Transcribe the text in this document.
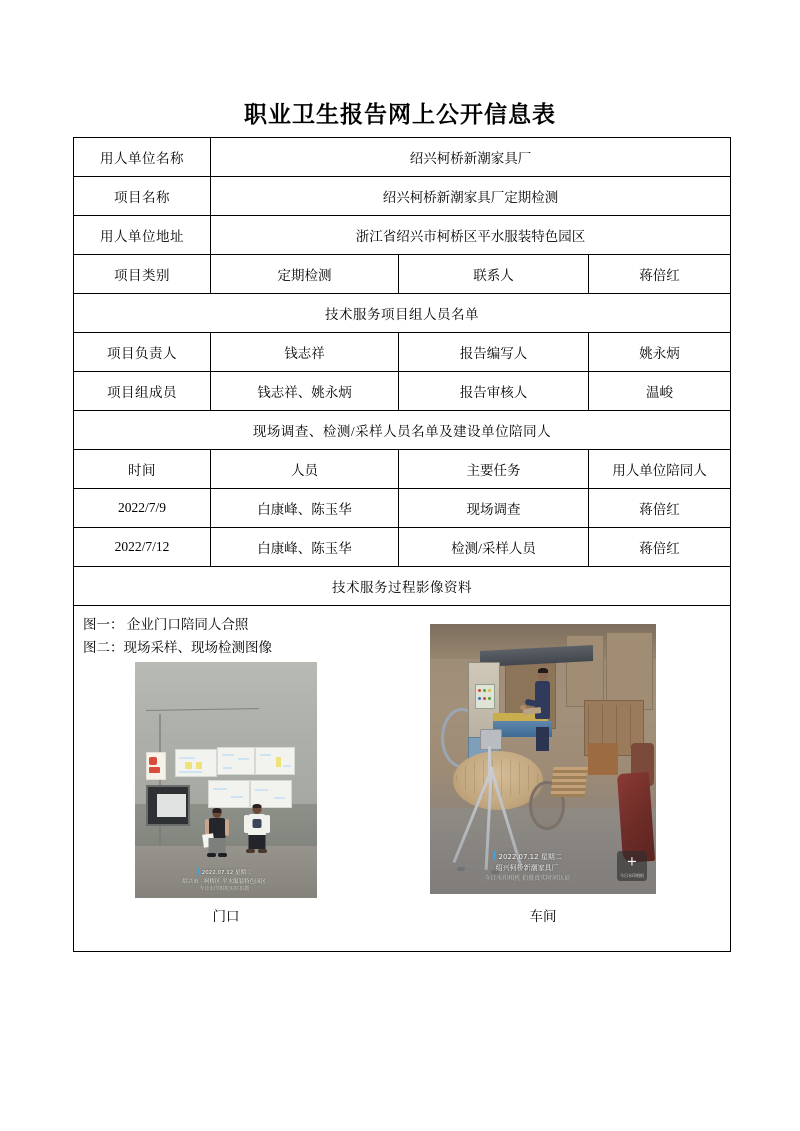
职业卫生报告网上公开信息表
用人单位名称	绍兴柯桥新潮家具厂		
项目名称	绍兴柯桥新潮家具厂定期检测		
用人单位地址	浙江省绍兴市柯桥区平水服装特色园区		
项目类别	定期检测	联系人	蒋倍红
技术服务项目组人员名单			
项目负责人	钱志祥	报告编写人	姚永炳
项目组成员	钱志祥、姚永炳	报告审核人	温峻
现场调查、检测/采样人员名单及建设单位陪同人			
时间	人员	主要任务	用人单位陪同人
2022/7/9	白康峰、陈玉华	现场调查	蒋倍红
2022/7/12	白康峰、陈玉华	检测/采样人员	蒋倍红
技术服务过程影像资料			

图一： 企业门口陪同人合照
图二：现场采样、现场检测图像
2022.07.12 星期二
绍兴市 · 柯桥区 平水服装特色园区
今日水印相机实时拍摄
门口
2022.07.12 星期二
绍兴柯桥新潮家具厂
今日水印相机 拍摄真实时间认证
+
今日水印相机
车间
